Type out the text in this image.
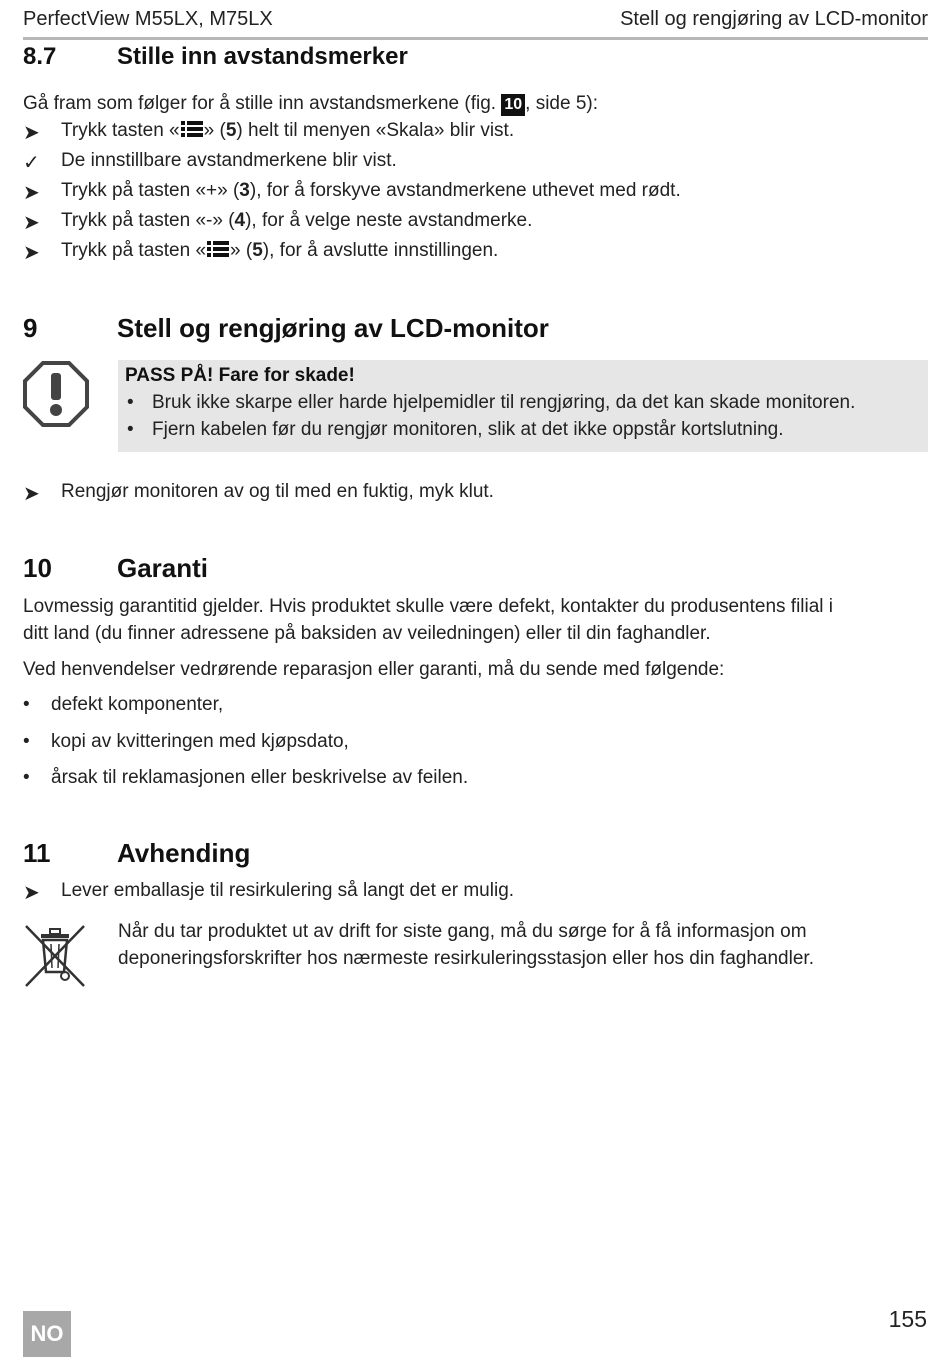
PerfectView M55LX, M75LX	Stell og rengjøring av LCD-monitor
8.7	Stille inn avstandsmerker
Gå fram som følger for å stille inn avstandsmerkene (fig. 10 , side 5):
➤	Trykk tasten « » (5) helt til menyen «Skala» blir vist.
✓	De innstillbare avstandmerkene blir vist.
➤	Trykk på tasten «+» (3), for å forskyve avstandmerkene uthevet med rødt.
➤	Trykk på tasten «-» (4), for å velge neste avstandmerke.
➤	Trykk på tasten « » (5), for å avslutte innstillingen.
9	Stell og rengjøring av LCD-monitor
PASS PÅ! Fare for skade!
• Bruk ikke skarpe eller harde hjelpemidler til rengjøring, da det kan skade monitoren.
• Fjern kabelen før du rengjør monitoren, slik at det ikke oppstår kortslutning.
➤	Rengjør monitoren av og til med en fuktig, myk klut.
10	Garanti
Lovmessig garantitid gjelder. Hvis produktet skulle være defekt, kontakter du produsentens filial i
ditt land (du finner adressene på baksiden av veiledningen) eller til din faghandler.
Ved henvendelser vedrørende reparasjon eller garanti, må du sende med følgende:
• defekt komponenter,
• kopi av kvitteringen med kjøpsdato,
• årsak til reklamasjonen eller beskrivelse av feilen.
11	Avhending
➤	Lever emballasje til resirkulering så langt det er mulig.
Når du tar produktet ut av drift for siste gang, må du sørge for å få informasjon om
deponeringsforskrifter hos nærmeste resirkuleringsstasjon eller hos din faghandler.
155
NO
